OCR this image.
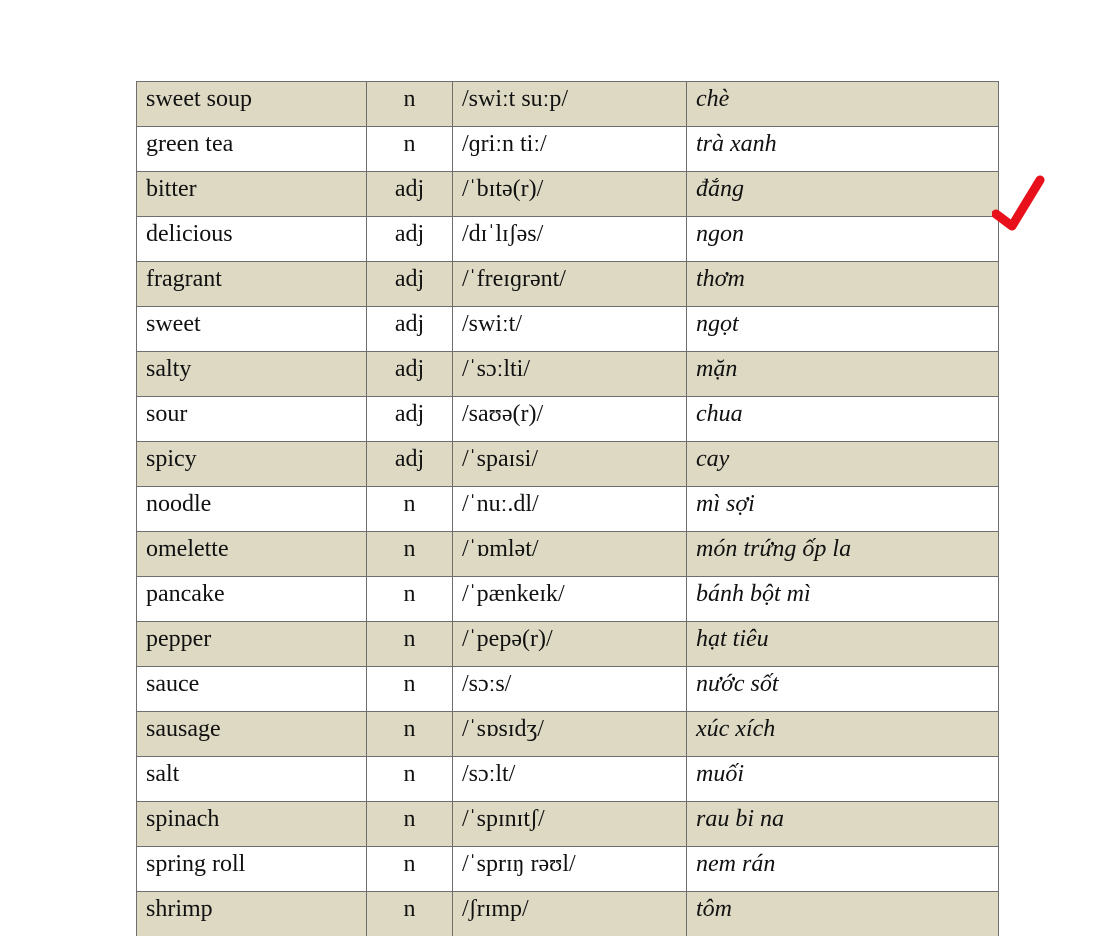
sweet soup	n	/swiːt suːp/	chè
green tea	n	/ɡriːn tiː/	trà xanh
bitter	adj	/ˈbɪtə(r)/	đắng
delicious	adj	/dɪˈlɪʃəs/	ngon
fragrant	adj	/ˈfreɪɡrənt/	thơm
sweet	adj	/swiːt/	ngọt
salty	adj	/ˈsɔːlti/	mặn
sour	adj	/saʊə(r)/	chua
spicy	adj	/ˈspaɪsi/	cay
noodle	n	/ˈnuː.dl/	mì sợi
omelette	n	/ˈɒmlət/	món trứng ốp la
pancake	n	/ˈpænkeɪk/	bánh bột mì
pepper	n	/ˈpepə(r)/	hạt tiêu
sauce	n	/sɔːs/	nước sốt
sausage	n	/ˈsɒsɪdʒ/	xúc xích
salt	n	/sɔːlt/	muối
spinach	n	/ˈspɪnɪtʃ/	rau bi na
spring roll	n	/ˈsprɪŋ rəʊl/	nem rán
shrimp	n	/ʃrɪmp/	tôm
